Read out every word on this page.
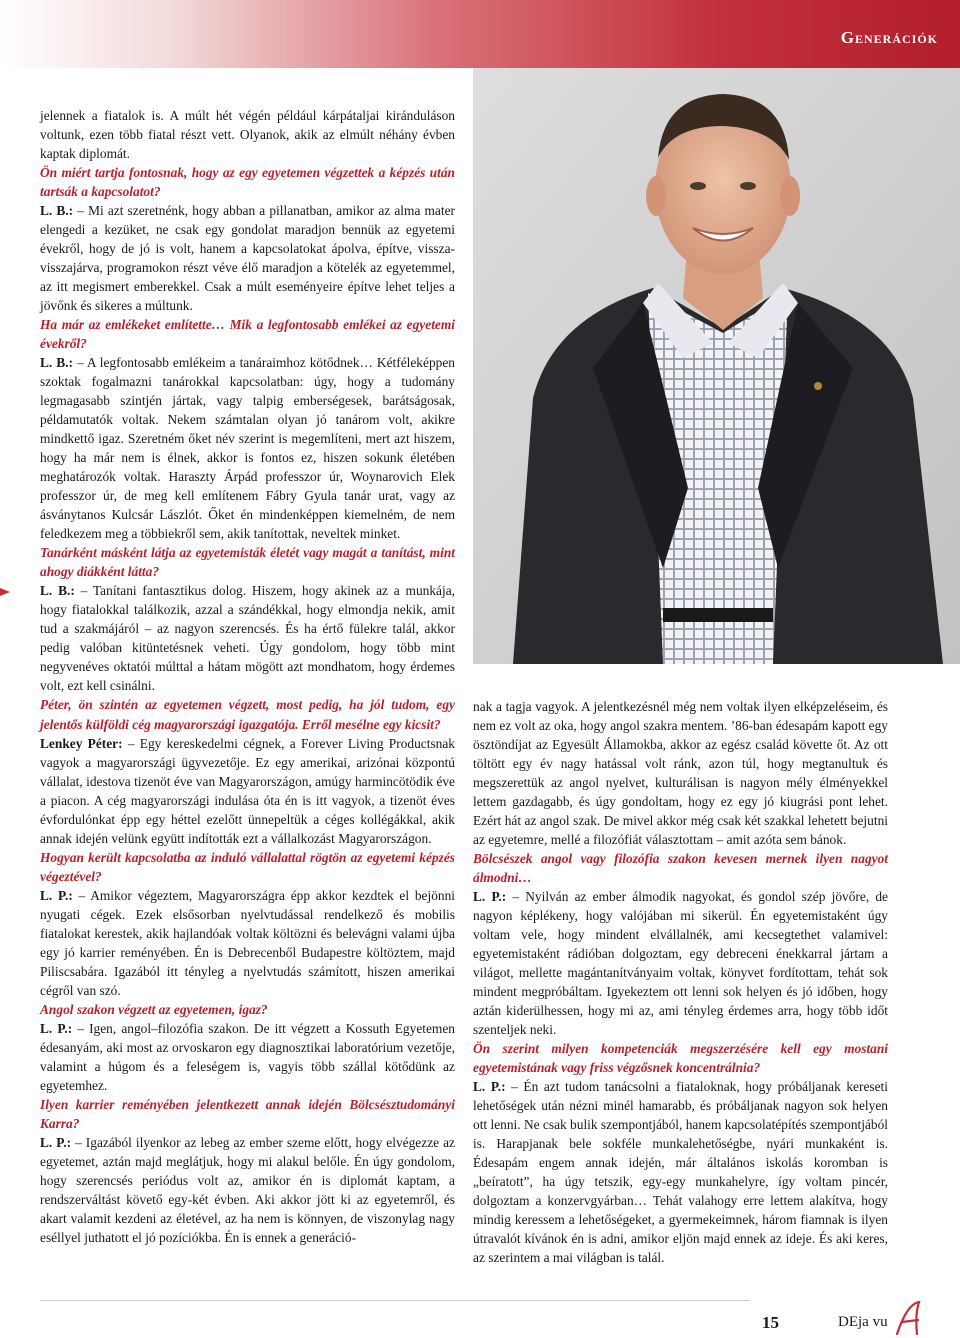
Generációk

jelennek a fiatalok is. A múlt hét végén például kárpátaljai kiránduláson voltunk, ezen több fiatal részt vett. Olyanok, akik az elmúlt néhány évben kaptak diplomát.

Ön miért tartja fontosnak, hogy az egy egyetemen végzettek a képzés után tartsák a kapcsolatot?

L. B.: – Mi azt szeretnénk, hogy abban a pillanatban, amikor az alma mater elengedi a kezüket, ne csak egy gondolat maradjon bennük az egyetemi évekről, hogy de jó is volt, hanem a kapcsolatokat ápolva, építve, vissza-visszajárva, programokon részt véve élő maradjon a kötelék az egyetemmel, az itt megismert emberekkel. Csak a múlt eseményeire építve lehet teljes a jövőnk és sikeres a múltunk.

Ha már az emlékeket említette… Mik a legfontosabb emlékei az egyetemi évekről?

L. B.: – A legfontosabb emlékeim a tanáraimhoz kötődnek… Kétféleképpen szoktak fogalmazni tanárokkal kapcsolatban: úgy, hogy a tudomány legmagasabb szintjén jártak, vagy talpig emberségesek, barátságosak, példamutatók voltak. Nekem számtalan olyan jó tanárom volt, akikre mindkettő igaz. Szeretném őket név szerint is megemlíteni, mert azt hiszem, hogy ha már nem is élnek, akkor is fontos ez, hiszen sokunk életében meghatározók voltak. Haraszty Árpád professzor úr, Woynarovich Elek professzor úr, de meg kell említenem Fábry Gyula tanár urat, vagy az ásványtanos Kulcsár Lászlót. Őket én mindenképpen kiemelném, de nem feledkezem meg a többiekről sem, akik tanítottak, neveltek minket.

Tanárként másként látja az egyetemisták életét vagy magát a tanítást, mint ahogy diákként látta?

L. B.: – Tanítani fantasztikus dolog. Hiszem, hogy akinek az a munkája, hogy fiatalokkal találkozik, azzal a szándékkal, hogy elmondja nekik, amit tud a szakmájáról – az nagyon szerencsés. És ha értő fülekre talál, akkor pedig valóban kitüntetésnek veheti. Úgy gondolom, hogy több mint negyvenéves oktatói múlttal a hátam mögött azt mondhatom, hogy érdemes volt, ezt kell csinálni.

Péter, ön szintén az egyetemen végzett, most pedig, ha jól tudom, egy jelentős külföldi cég magyarországi igazgatója. Erről mesélne egy kicsit?

Lenkey Péter: – Egy kereskedelmi cégnek, a Forever Living Productsnak vagyok a magyarországi ügyvezetője. Ez egy amerikai, arizónai központú vállalat, idestova tizenöt éve van Magyarországon, amúgy harmincötödik éve a piacon. A cég magyarországi indulása óta én is itt vagyok, a tizenöt éves évfordulónkat épp egy héttel ezelőtt ünnepeltük a céges kollégákkal, akik annak idején velünk együtt indították ezt a vállalkozást Magyarországon.

Hogyan került kapcsolatba az induló vállalattal rögtön az egyetemi képzés végeztével?

L. P.: – Amikor végeztem, Magyarországra épp akkor kezdtek el bejönni nyugati cégek. Ezek elsősorban nyelvtudással rendelkező és mobilis fiatalokat kerestek, akik hajlandóak voltak költözni és belevágni valami újba egy jó karrier reményében. Én is Debrecenből Budapestre költöztem, majd Piliscsabára. Igazából itt tényleg a nyelvtudás számított, hiszen amerikai cégről van szó.

Angol szakon végzett az egyetemen, igaz?

L. P.: – Igen, angol–filozófia szakon. De itt végzett a Kossuth Egyetemen édesanyám, aki most az orvoskaron egy diagnosztikai laboratórium vezetője, valamint a húgom és a feleségem is, vagyis több szállal kötődünk az egyetemhez.

Ilyen karrier reményében jelentkezett annak idején Bölcsésztudományi Karra?

L. P.: – Igazából ilyenkor az lebeg az ember szeme előtt, hogy elvégezze az egyetemet, aztán majd meglátjuk, hogy mi alakul belőle. Én úgy gondolom, hogy szerencsés periódus volt az, amikor én is diplomát kaptam, a rendszerváltást követő egy-két évben. Aki akkor jött ki az egyetemről, és akart valamit kezdeni az életével, az ha nem is könnyen, de viszonylag nagy eséllyel juthatott el jó pozíciókba. Én is ennek a generáció-

nak a tagja vagyok. A jelentkezésnél még nem voltak ilyen elképzeléseim, és nem ez volt az oka, hogy angol szakra mentem. ’86-ban édesapám kapott egy ösztöndíjat az Egyesült Államokba, akkor az egész család követte őt. Az ott töltött egy év nagy hatással volt ránk, azon túl, hogy megtanultuk és megszerettük az angol nyelvet, kulturálisan is nagyon mély élményekkel lettem gazdagabb, és úgy gondoltam, hogy ez egy jó kiugrási pont lehet. Ezért hát az angol szak. De mivel akkor még csak két szakkal lehetett bejutni az egyetemre, mellé a filozófiát választottam – amit azóta sem bánok.

Bölcsészek angol vagy filozófia szakon kevesen mernek ilyen nagyot álmodni…

L. P.: – Nyilván az ember álmodik nagyokat, és gondol szép jövőre, de nagyon képlékeny, hogy valójában mi sikerül. Én egyetemistaként úgy voltam vele, hogy mindent elvállalnék, ami kecsegtethet valamivel: egyetemistaként rádióban dolgoztam, egy debreceni énekkarral jártam a világot, mellette magántanítványaim voltak, könyvet fordítottam, tehát sok mindent megpróbáltam. Igyekeztem ott lenni sok helyen és jó időben, hogy aztán kiderülhessen, hogy mi az, ami tényleg érdemes arra, hogy több időt szenteljek neki.

Ön szerint milyen kompetenciák megszerzésére kell egy mostani egyetemistának vagy friss végzősnek koncentrálnia?

L. P.: – Én azt tudom tanácsolni a fiataloknak, hogy próbáljanak kereseti lehetőségek után nézni minél hamarabb, és próbáljanak nagyon sok helyen ott lenni. Ne csak bulik szempontjából, hanem kapcsolatépítés szempontjából is. Harapjanak bele sokféle munkalehetőségbe, nyári munkaként is. Édesapám engem annak idején, már általános iskolás koromban is „beíratott”, ha úgy tetszik, egy-egy munkahelyre, így voltam pincér, dolgoztam a konzervgyárban… Tehát valahogy erre lettem alakítva, hogy mindig keressem a lehetőségeket, a gyermekeimnek, három fiamnak is ilyen útravalót kívánok én is adni, amikor eljön majd ennek az ideje. És aki keres, az szerintem a mai világban is talál.

15	DEja vu
